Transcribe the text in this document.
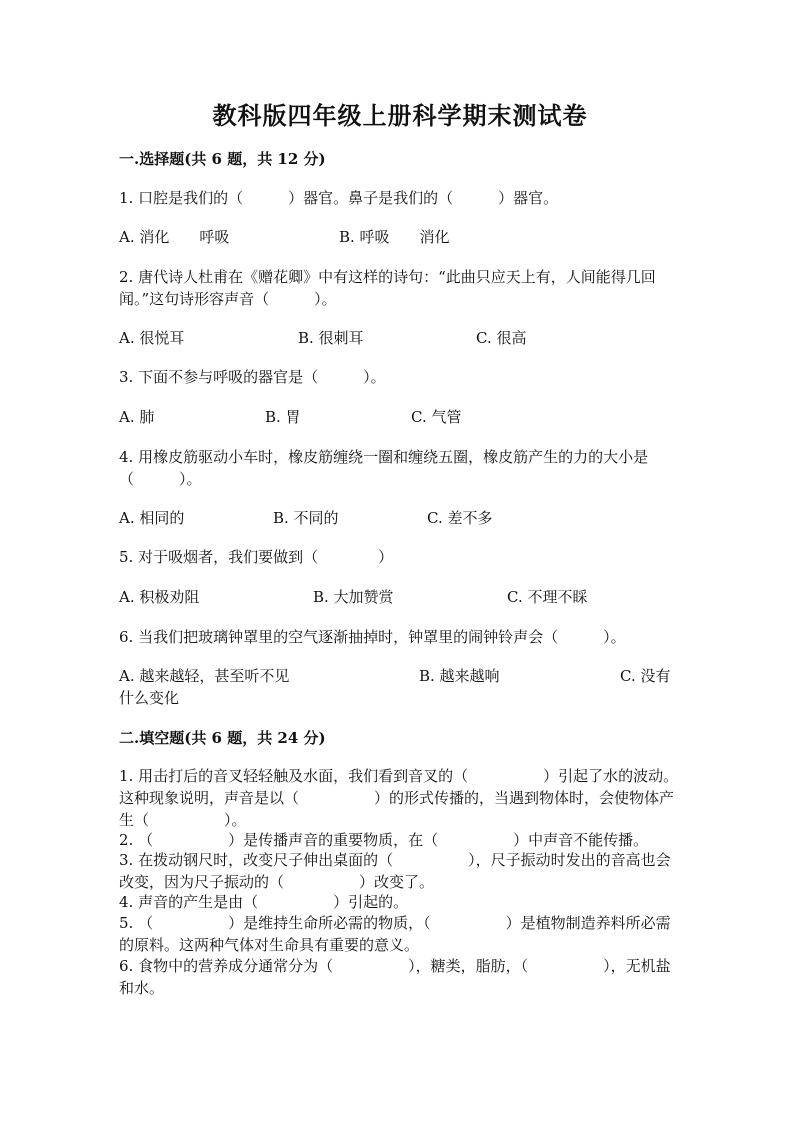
教科版四年级上册科学期末测试卷
一.选择题(共 6 题，共 12 分)
1. 口腔是我们的（　　　）器官。鼻子是我们的（　　　）器官。
A. 消化　　呼吸	B. 呼吸　　消化
2. 唐代诗人杜甫在《赠花卿》中有这样的诗句：“此曲只应天上有，人间能得几回闻。”这句诗形容声音（　　　）。
A. 很悦耳	B. 很刺耳	C. 很高
3. 下面不参与呼吸的器官是（　　　）。
A. 肺	B. 胃	C. 气管
4. 用橡皮筋驱动小车时，橡皮筋缠绕一圈和缠绕五圈，橡皮筋产生的力的大小是（　　　）。
A. 相同的	B. 不同的	C. 差不多
5. 对于吸烟者，我们要做到（　　　　）
A. 积极劝阻	B. 大加赞赏	C. 不理不睬
6. 当我们把玻璃钟罩里的空气逐渐抽掉时，钟罩里的闹钟铃声会（　　　）。
A. 越来越轻，甚至听不见	B. 越来越响	C. 没有
什么变化
二.填空题(共 6 题，共 24 分)
1. 用击打后的音叉轻轻触及水面，我们看到音叉的（　　　　　）引起了水的波动。这种现象说明，声音是以（　　　　　）的形式传播的，当遇到物体时，会使物体产生（　　　　　）。
2. （　　　　　）是传播声音的重要物质，在（　　　　　）中声音不能传播。
3. 在拨动钢尺时，改变尺子伸出桌面的（　　　　　），尺子振动时发出的音高也会改变，因为尺子振动的（　　　　　）改变了。
4. 声音的产生是由（　　　　　）引起的。
5. （　　　　　）是维持生命所必需的物质，（　　　　　）是植物制造养料所必需的原料。这两种气体对生命具有重要的意义。
6. 食物中的营养成分通常分为（　　　　　），糖类，脂肪，（　　　　　），无机盐和水。
